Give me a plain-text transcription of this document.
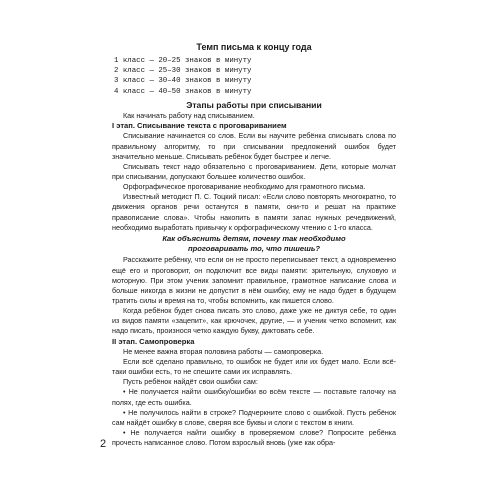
Темп письма к концу года
1 класс — 20–25 знаков в минуту
2 класс — 25–30 знаков в минуту
3 класс — 30–40 знаков в минуту
4 класс — 40–50 знаков в минуту
Этапы работы при списывании

Как начинать работу над списыванием.

I этап. Списывание текста с проговариванием

Списывание начинается со слов. Если вы научите ребёнка списывать слова по правильному алгоритму, то при списывании предложений ошибок будет значительно меньше. Списывать ребёнок будет быстрее и легче.

Списывать текст надо обязательно с проговариванием. Дети, которые молчат при списывании, допускают большее количество ошибок.

Орфографическое проговаривание необходимо для грамотного письма.

Известный методист П. С. Тоцкий писал: «Если слово повторять многократно, то движения органов речи останутся в памяти, они-то и решат на практике правописание слова». Чтобы накопить в памяти запас нужных речедвижений, необходимо выработать привычку к орфографическому чтению с 1-го класса.

Как объяснить детям, почему так необходимо
проговаривать то, что пишешь?

Расскажите ребёнку, что если он не просто переписывает текст, а одновременно ещё его и проговорит, он подключит все виды памяти: зрительную, слуховую и моторную. При этом ученик запомнит правильное, грамотное написание слова и больше никогда в жизни не допустит в нём ошибку, ему не надо будет в будущем тратить силы и время на то, чтобы вспомнить, как пишется слово.

Когда ребёнок будет снова писать это слово, даже уже не диктуя себе, то один из видов памяти «зацепит», как крючочек, другие, — и ученик четко вспомнит, как надо писать, произнося четко каждую букву, диктовать себе.

II этап. Самопроверка

Не менее важна вторая половина работы — самопроверка.

Если всё сделано правильно, то ошибок не будет или их будет мало. Если всё-таки ошибки есть, то не спешите сами их исправлять.

Пусть ребёнок найдёт свои ошибки сам:

• Не получается найти ошибку/ошибки во всём тексте — поставьте галочку на полях, где есть ошибка.

• Не получилось найти в строке? Подчеркните слово с ошибкой. Пусть ребёнок сам найдёт ошибку в слове, сверяя все буквы и слоги с текстом в книги.

• Не получается найти ошибку в проверяемом слове? Попросите ребёнка прочесть написанное слово. Потом взрослый вновь (уже как обра-

2
